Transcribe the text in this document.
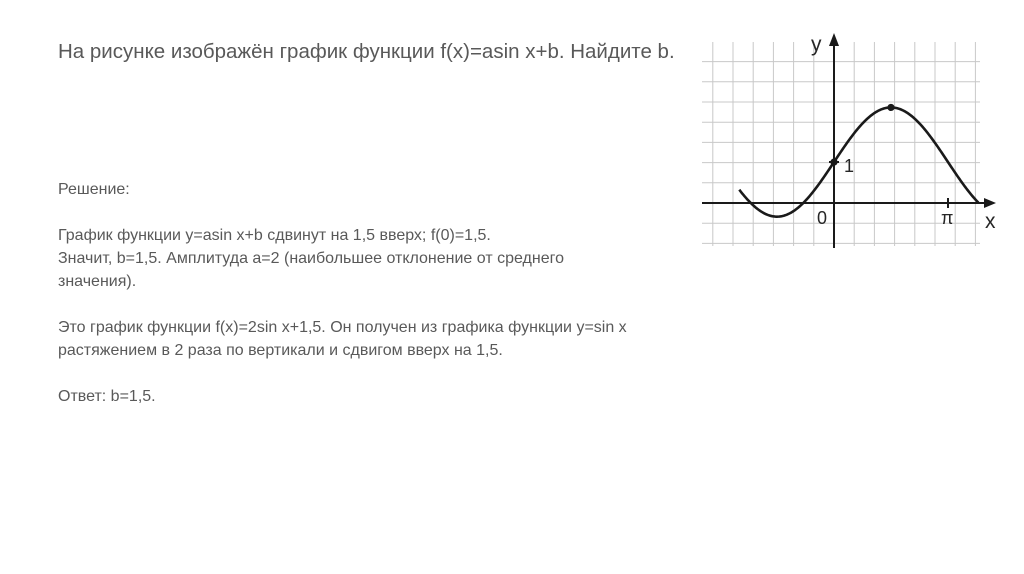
На рисунке изображён график функции f(x)=asin x+b. Найдите b.
Решение:
График функции y=asin x+b сдвинут на 1,5 вверх; f(0)=1,5.
Значит, b=1,5. Амплитуда a=2 (наибольшее отклонение от среднего
значения).
Это график функции f(x)=2sin x+1,5. Он получен из графика функции y=sin x
растяжением в 2 раза по вертикали и сдвигом вверх на 1,5.
Ответ: b=1,5.
y
x
0
1
π
